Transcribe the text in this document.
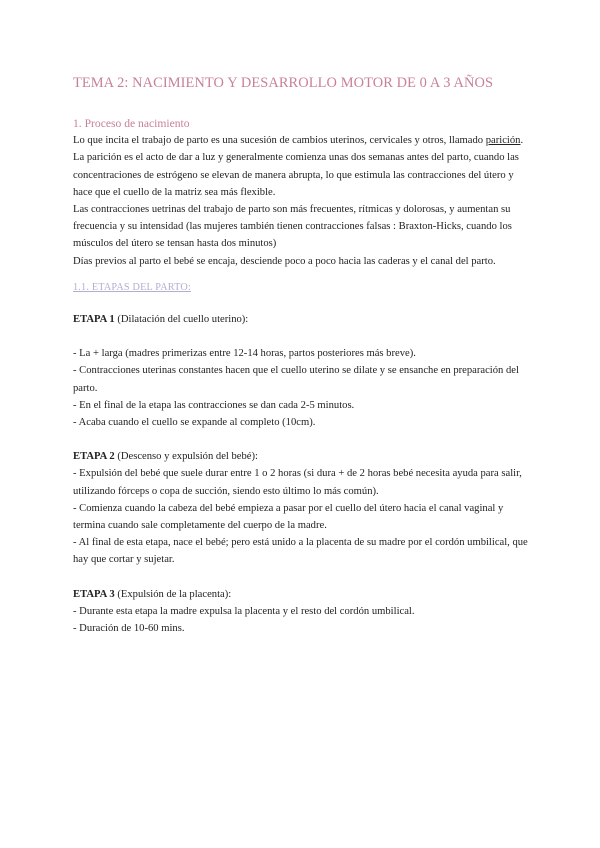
TEMA 2: NACIMIENTO Y DESARROLLO MOTOR DE 0 A 3 AÑOS
1. Proceso de nacimiento

Lo que incita el trabajo de parto es una sucesión de cambios uterinos, cervicales y otros, llamado parición.

La parición es el acto de dar a luz y generalmente comienza unas dos semanas antes del parto, cuando las concentraciones de estrógeno se elevan de manera abrupta, lo que estimula las contracciones del útero y hace que el cuello de la matriz sea más flexible.

Las contracciones uetrinas del trabajo de parto son más frecuentes, rítmicas y dolorosas, y aumentan su frecuencia y su intensidad (las mujeres también tienen contracciones falsas : Braxton-Hicks, cuando los músculos del útero se tensan hasta dos minutos)

Días previos al parto el bebé se encaja, desciende poco a poco hacia las caderas y el canal del parto.

1.1. ETAPAS DEL PARTO:

ETAPA 1 (Dilatación del cuello uterino):

- La + larga (madres primerizas entre 12-14 horas, partos posteriores más breve).
- Contracciones uterinas constantes hacen que el cuello uterino se dilate y se ensanche en preparación del parto.
- En el final de la etapa las contracciones se dan cada 2-5 minutos.
- Acaba cuando el cuello se expande al completo (10cm).

ETAPA 2 (Descenso y expulsión del bebé):

- Expulsión del bebé que suele durar entre 1 o 2 horas (si dura + de 2 horas bebé necesita ayuda para salir, utilizando fórceps o copa de succión, siendo esto último lo más común).
- Comienza cuando la cabeza del bebé empieza a pasar por el cuello del útero hacia el canal vaginal y termina cuando sale completamente del cuerpo de la madre.
- Al final de esta etapa, nace el bebé; pero está unido a la placenta de su madre por el cordón umbilical, que hay que cortar y sujetar.

ETAPA 3 (Expulsión de la placenta):

- Durante esta etapa la madre expulsa la placenta y el resto del cordón umbilical.
- Duración de 10-60 mins.
